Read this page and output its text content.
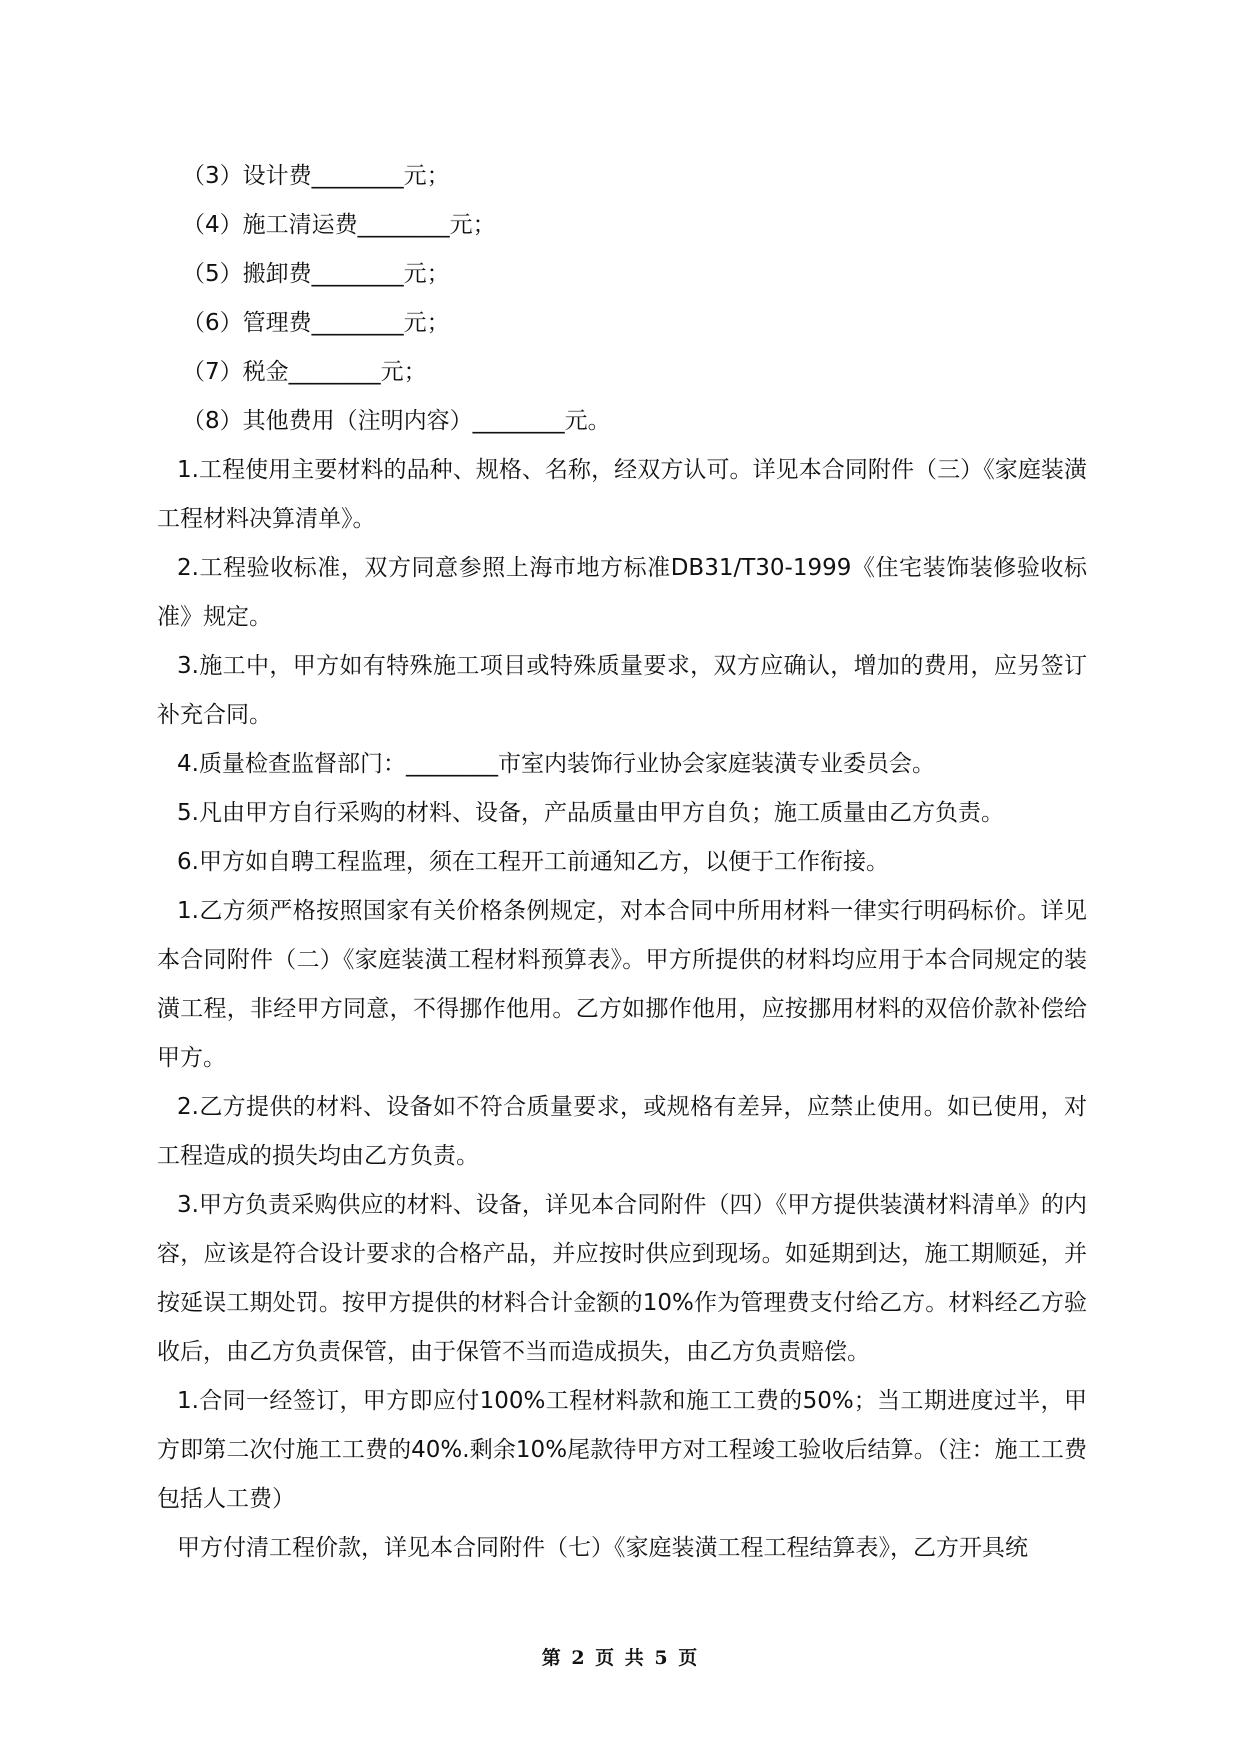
（3）设计费________元；
（4）施工清运费________元；
（5）搬卸费________元；
（6）管理费________元；
（7）税金________元；
（8）其他费用（注明内容）________元。
1.工程使用主要材料的品种、规格、名称，经双方认可。详见本合同附件（三）《家庭装潢工程材料决算清单》。
2.工程验收标准，双方同意参照上海市地方标准DB31/T30-1999《住宅装饰装修验收标准》规定。
3.施工中，甲方如有特殊施工项目或特殊质量要求，双方应确认，增加的费用，应另签订补充合同。
4.质量检查监督部门：________市室内装饰行业协会家庭装潢专业委员会。
5.凡由甲方自行采购的材料、设备，产品质量由甲方自负；施工质量由乙方负责。
6.甲方如自聘工程监理，须在工程开工前通知乙方，以便于工作衔接。
1.乙方须严格按照国家有关价格条例规定，对本合同中所用材料一律实行明码标价。详见本合同附件（二）《家庭装潢工程材料预算表》。甲方所提供的材料均应用于本合同规定的装潢工程，非经甲方同意，不得挪作他用。乙方如挪作他用，应按挪用材料的双倍价款补偿给甲方。
2.乙方提供的材料、设备如不符合质量要求，或规格有差异，应禁止使用。如已使用，对工程造成的损失均由乙方负责。
3.甲方负责采购供应的材料、设备，详见本合同附件（四）《甲方提供装潢材料清单》的内容，应该是符合设计要求的合格产品，并应按时供应到现场。如延期到达，施工期顺延，并按延误工期处罚。按甲方提供的材料合计金额的10%作为管理费支付给乙方。材料经乙方验收后，由乙方负责保管，由于保管不当而造成损失，由乙方负责赔偿。
1.合同一经签订，甲方即应付100%工程材料款和施工工费的50%；当工期进度过半，甲方即第二次付施工工费的40%.剩余10%尾款待甲方对工程竣工验收后结算。（注：施工工费包括人工费）
甲方付清工程价款，详见本合同附件（七）《家庭装潢工程工程结算表》，乙方开具统
第 2 页 共 5 页
